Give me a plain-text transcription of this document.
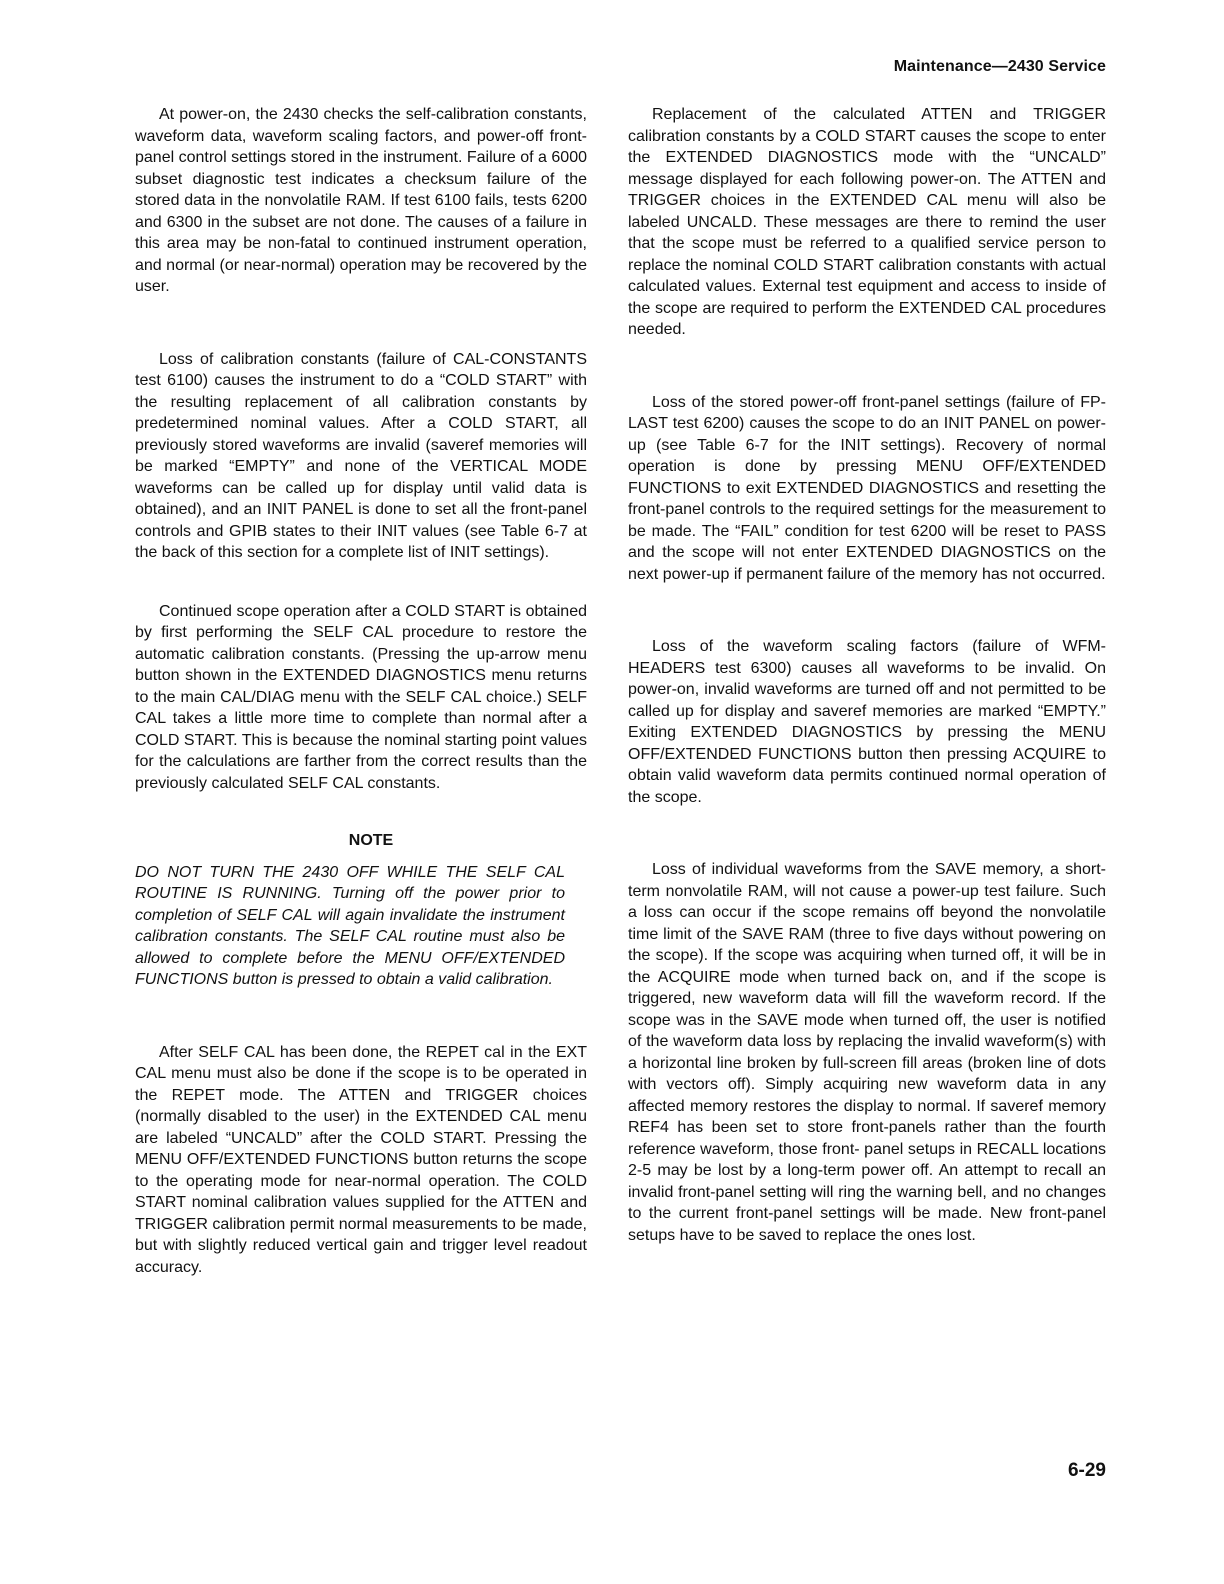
Maintenance—2430 Service

At power-on, the 2430 checks the self-calibration constants, waveform data, waveform scaling factors, and power-off front-panel control settings stored in the instrument. Failure of a 6000 subset diagnostic test indicates a checksum failure of the stored data in the nonvolatile RAM. If test 6100 fails, tests 6200 and 6300 in the subset are not done. The causes of a failure in this area may be non-fatal to continued instrument operation, and normal (or near-normal) operation may be recovered by the user.

Loss of calibration constants (failure of CAL-CONSTANTS test 6100) causes the instrument to do a “COLD START” with the resulting replacement of all calibration constants by predetermined nominal values. After a COLD START, all previously stored waveforms are invalid (saveref memories will be marked “EMPTY” and none of the VERTICAL MODE waveforms can be called up for display until valid data is obtained), and an INIT PANEL is done to set all the front-panel controls and GPIB states to their INIT values (see Table 6-7 at the back of this section for a complete list of INIT settings).

Continued scope operation after a COLD START is obtained by first performing the SELF CAL procedure to restore the automatic calibration constants. (Pressing the up-arrow menu button shown in the EXTENDED DIAGNOSTICS menu returns to the main CAL/DIAG menu with the SELF CAL choice.) SELF CAL takes a little more time to complete than normal after a COLD START. This is because the nominal starting point values for the calculations are farther from the correct results than the previously calculated SELF CAL constants.

NOTE

DO NOT TURN THE 2430 OFF WHILE THE SELF CAL ROUTINE IS RUNNING. Turning off the power prior to completion of SELF CAL will again invalidate the instrument calibration constants. The SELF CAL routine must also be allowed to complete before the MENU OFF/EXTENDED FUNCTIONS button is pressed to obtain a valid calibration.

After SELF CAL has been done, the REPET cal in the EXT CAL menu must also be done if the scope is to be operated in the REPET mode. The ATTEN and TRIGGER choices (normally disabled to the user) in the EXTENDED CAL menu are labeled “UNCALD” after the COLD START. Pressing the MENU OFF/EXTENDED FUNCTIONS button returns the scope to the operating mode for near-normal operation. The COLD START nominal calibration values supplied for the ATTEN and TRIGGER calibration permit normal measurements to be made, but with slightly reduced vertical gain and trigger level readout accuracy.

Replacement of the calculated ATTEN and TRIGGER calibration constants by a COLD START causes the scope to enter the EXTENDED DIAGNOSTICS mode with the “UNCALD” message displayed for each following power-on. The ATTEN and TRIGGER choices in the EXTENDED CAL menu will also be labeled UNCALD. These messages are there to remind the user that the scope must be referred to a qualified service person to replace the nominal COLD START calibration constants with actual calculated values. External test equipment and access to inside of the scope are required to perform the EXTENDED CAL procedures needed.

Loss of the stored power-off front-panel settings (failure of FP-LAST test 6200) causes the scope to do an INIT PANEL on power-up (see Table 6-7 for the INIT settings). Recovery of normal operation is done by pressing MENU OFF/EXTENDED FUNCTIONS to exit EXTENDED DIAGNOSTICS and resetting the front-panel controls to the required settings for the measurement to be made. The “FAIL” condition for test 6200 will be reset to PASS and the scope will not enter EXTENDED DIAGNOSTICS on the next power-up if permanent failure of the memory has not occurred.

Loss of the waveform scaling factors (failure of WFM-HEADERS test 6300) causes all waveforms to be invalid. On power-on, invalid waveforms are turned off and not permitted to be called up for display and saveref memories are marked “EMPTY.” Exiting EXTENDED DIAGNOSTICS by pressing the MENU OFF/EXTENDED FUNCTIONS button then pressing ACQUIRE to obtain valid waveform data permits continued normal operation of the scope.

Loss of individual waveforms from the SAVE memory, a short-term nonvolatile RAM, will not cause a power-up test failure. Such a loss can occur if the scope remains off beyond the nonvolatile time limit of the SAVE RAM (three to five days without powering on the scope). If the scope was acquiring when turned off, it will be in the ACQUIRE mode when turned back on, and if the scope is triggered, new waveform data will fill the waveform record. If the scope was in the SAVE mode when turned off, the user is notified of the waveform data loss by replacing the invalid waveform(s) with a horizontal line broken by full-screen fill areas (broken line of dots with vectors off). Simply acquiring new waveform data in any affected memory restores the display to normal. If saveref memory REF4 has been set to store front-panels rather than the fourth reference waveform, those front- panel setups in RECALL locations 2-5 may be lost by a long-term power off. An attempt to recall an invalid front-panel setting will ring the warning bell, and no changes to the current front-panel settings will be made. New front-panel setups have to be saved to replace the ones lost.

6-29
